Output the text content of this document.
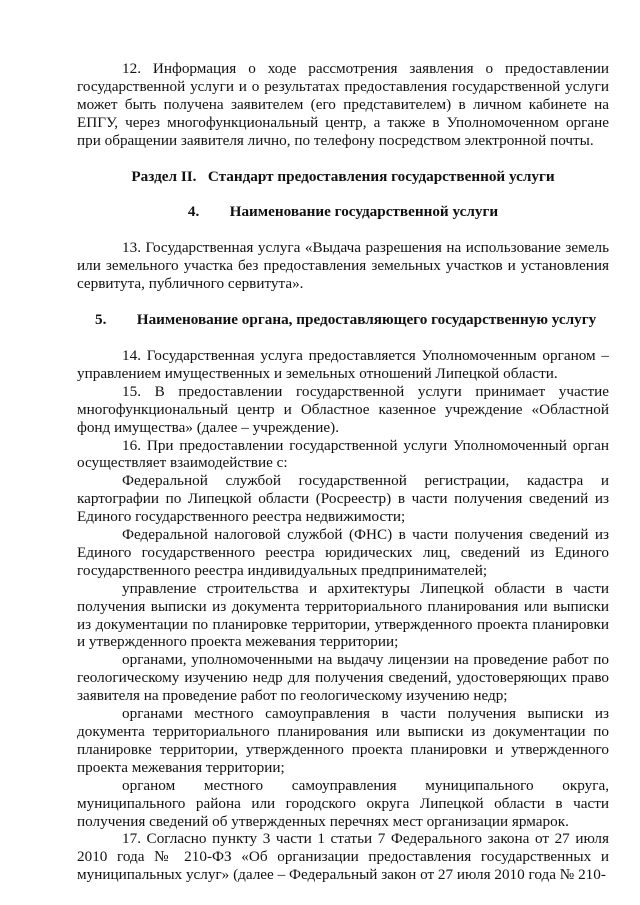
12. Информация о ходе рассмотрения заявления о предоставлении государственной услуги и о результатах предоставления государственной услуги может быть получена заявителем (его представителем) в личном кабинете на ЕПГУ, через многофункциональный центр, а также в Уполномоченном органе при обращении заявителя лично, по телефону посредством электронной почты.

Раздел II.   Стандарт предоставления государственной услуги

4.        Наименование государственной услуги

13. Государственная услуга «Выдача разрешения на использование земель или земельного участка без предоставления земельных участков и установления сервитута, публичного сервитута».

5.        Наименование органа, предоставляющего государственную услугу

14. Государственная услуга предоставляется Уполномоченным органом – управлением имущественных и земельных отношений Липецкой области.

15. В предоставлении государственной услуги принимает участие многофункциональный центр и Областное казенное учреждение «Областной фонд имущества» (далее – учреждение).

16. При предоставлении государственной услуги Уполномоченный орган осуществляет взаимодействие с:

Федеральной службой государственной регистрации, кадастра и картографии по Липецкой области (Росреестр) в части получения сведений из Единого государственного реестра недвижимости;

Федеральной налоговой службой (ФНС) в части получения сведений из Единого государственного реестра юридических лиц, сведений из Единого государственного реестра индивидуальных предпринимателей;

управление строительства и архитектуры Липецкой области в части получения выписки из документа территориального планирования или выписки из документации по планировке территории, утвержденного проекта планировки и утвержденного проекта межевания территории;

органами, уполномоченными на выдачу лицензии на проведение работ по геологическому изучению недр для получения сведений, удостоверяющих право заявителя на проведение работ по геологическому изучению недр;

органами местного самоуправления в части получения выписки из документа территориального планирования или выписки из документации по планировке территории, утвержденного проекта планировки и утвержденного проекта межевания территории;

органом местного самоуправления муниципального округа, муниципального района или городского округа Липецкой области в части получения сведений об утвержденных перечнях мест организации ярмарок.

17. Согласно пункту 3 части 1 статьи 7 Федерального закона от 27 июля 2010 года № 210-ФЗ «Об организации предоставления государственных и муниципальных услуг» (далее – Федеральный закон от 27 июля 2010 года № 210-
